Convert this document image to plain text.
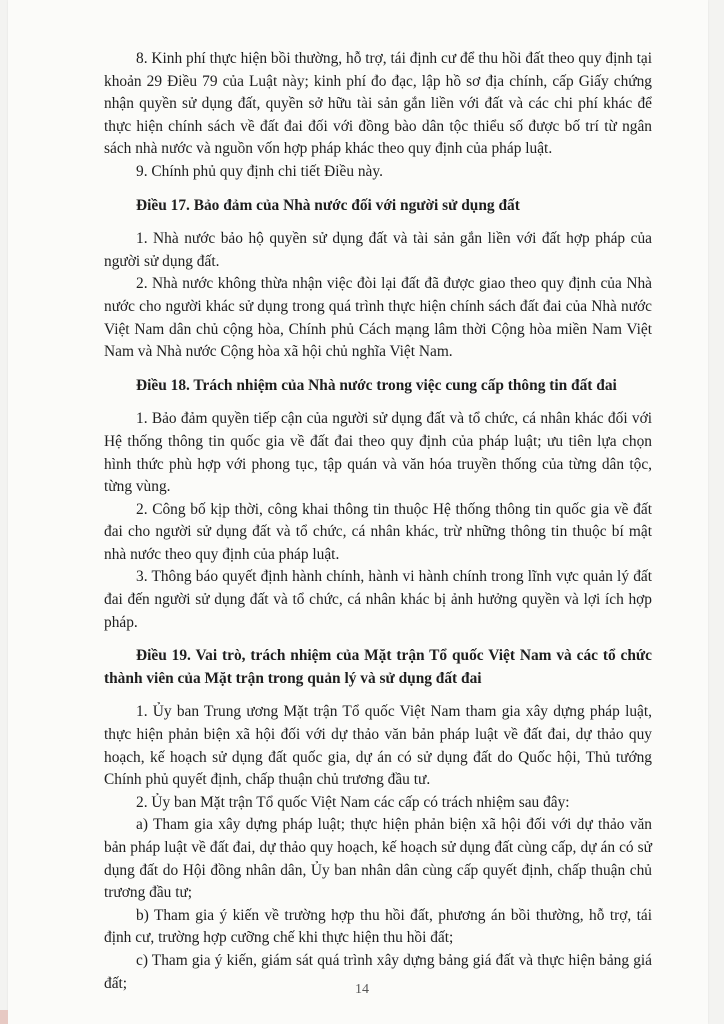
8. Kinh phí thực hiện bồi thường, hỗ trợ, tái định cư để thu hồi đất theo quy định tại khoản 29 Điều 79 của Luật này; kinh phí đo đạc, lập hồ sơ địa chính, cấp Giấy chứng nhận quyền sử dụng đất, quyền sở hữu tài sản gắn liền với đất và các chi phí khác để thực hiện chính sách về đất đai đối với đồng bào dân tộc thiểu số được bố trí từ ngân sách nhà nước và nguồn vốn hợp pháp khác theo quy định của pháp luật.

9. Chính phủ quy định chi tiết Điều này.

Điều 17. Bảo đảm của Nhà nước đối với người sử dụng đất

1. Nhà nước bảo hộ quyền sử dụng đất và tài sản gắn liền với đất hợp pháp của người sử dụng đất.

2. Nhà nước không thừa nhận việc đòi lại đất đã được giao theo quy định của Nhà nước cho người khác sử dụng trong quá trình thực hiện chính sách đất đai của Nhà nước Việt Nam dân chủ cộng hòa, Chính phủ Cách mạng lâm thời Cộng hòa miền Nam Việt Nam và Nhà nước Cộng hòa xã hội chủ nghĩa Việt Nam.

Điều 18. Trách nhiệm của Nhà nước trong việc cung cấp thông tin đất đai

1. Bảo đảm quyền tiếp cận của người sử dụng đất và tổ chức, cá nhân khác đối với Hệ thống thông tin quốc gia về đất đai theo quy định của pháp luật; ưu tiên lựa chọn hình thức phù hợp với phong tục, tập quán và văn hóa truyền thống của từng dân tộc, từng vùng.

2. Công bố kịp thời, công khai thông tin thuộc Hệ thống thông tin quốc gia về đất đai cho người sử dụng đất và tổ chức, cá nhân khác, trừ những thông tin thuộc bí mật nhà nước theo quy định của pháp luật.

3. Thông báo quyết định hành chính, hành vi hành chính trong lĩnh vực quản lý đất đai đến người sử dụng đất và tổ chức, cá nhân khác bị ảnh hưởng quyền và lợi ích hợp pháp.

Điều 19. Vai trò, trách nhiệm của Mặt trận Tổ quốc Việt Nam và các tổ chức thành viên của Mặt trận trong quản lý và sử dụng đất đai

1. Ủy ban Trung ương Mặt trận Tổ quốc Việt Nam tham gia xây dựng pháp luật, thực hiện phản biện xã hội đối với dự thảo văn bản pháp luật về đất đai, dự thảo quy hoạch, kế hoạch sử dụng đất quốc gia, dự án có sử dụng đất do Quốc hội, Thủ tướng Chính phủ quyết định, chấp thuận chủ trương đầu tư.

2. Ủy ban Mặt trận Tổ quốc Việt Nam các cấp có trách nhiệm sau đây:

a) Tham gia xây dựng pháp luật; thực hiện phản biện xã hội đối với dự thảo văn bản pháp luật về đất đai, dự thảo quy hoạch, kế hoạch sử dụng đất cùng cấp, dự án có sử dụng đất do Hội đồng nhân dân, Ủy ban nhân dân cùng cấp quyết định, chấp thuận chủ trương đầu tư;

b) Tham gia ý kiến về trường hợp thu hồi đất, phương án bồi thường, hỗ trợ, tái định cư, trường hợp cưỡng chế khi thực hiện thu hồi đất;

c) Tham gia ý kiến, giám sát quá trình xây dựng bảng giá đất và thực hiện bảng giá đất;	14
